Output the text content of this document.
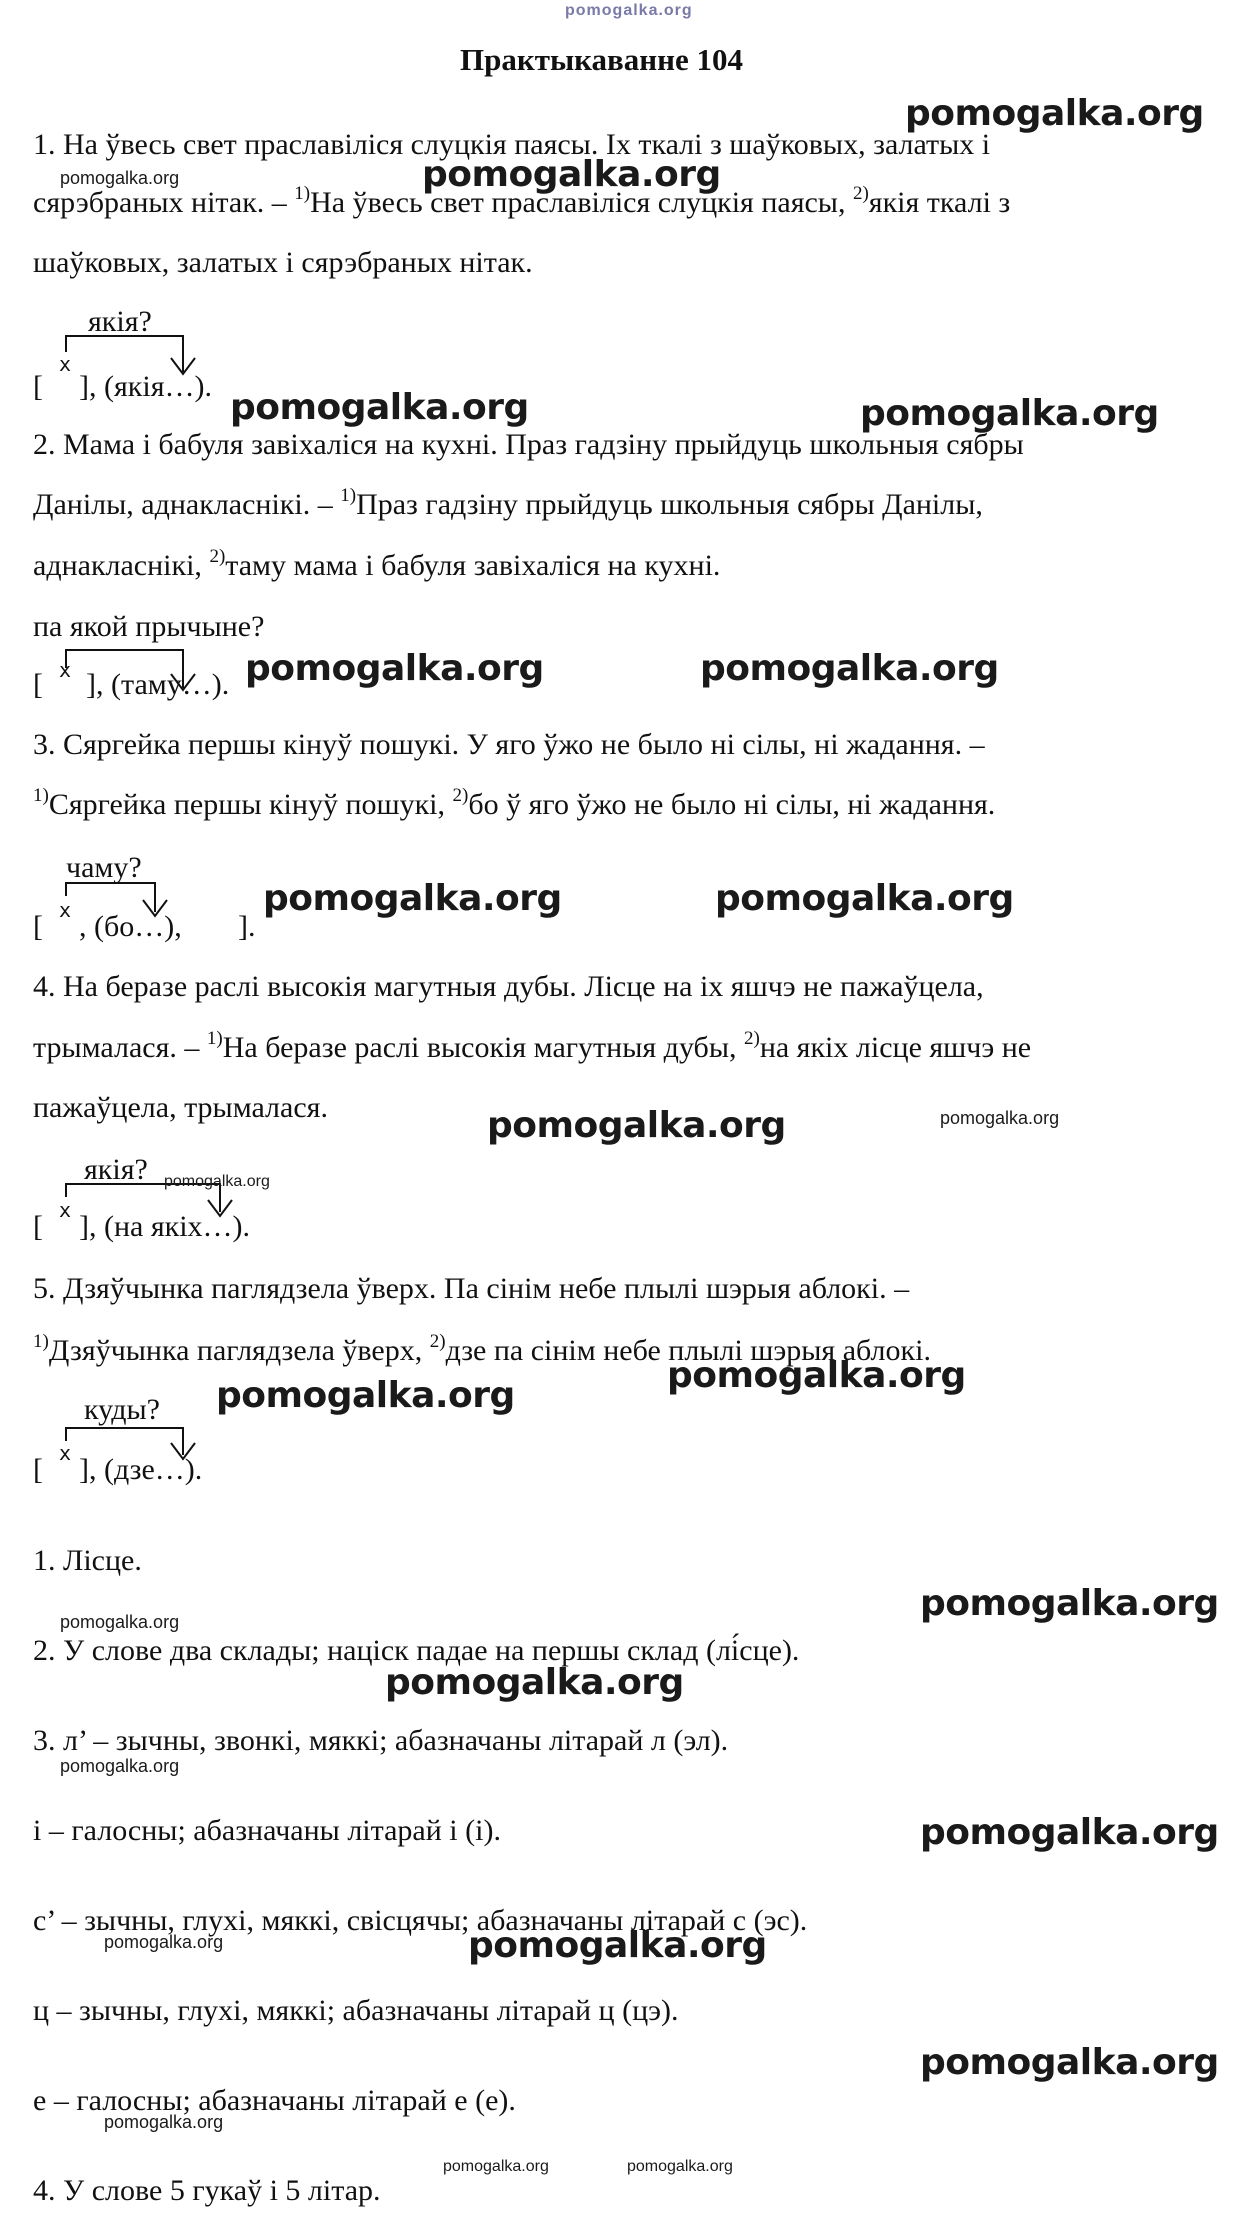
pomogalka.org
Практыкаванне 104
1. На ўвесь свет праславіліся слуцкія паясы. Іх ткалі з шаўковых, залатых і
сярэбраных нітак. – $^{1)}$На ўвесь свет праславіліся слуцкія паясы, $^{2)}$якія ткалі з
шаўковых, залатых і сярэбраных нітак.
якія?
[
x
], (якія…).
2. Мама і бабуля завіхаліся на кухні. Праз гадзіну прыйдуць школьныя сябры
Данілы, аднакласнікі. – $^{1)}$Праз гадзіну прыйдуць школьныя сябры Данілы,
аднакласнікі, $^{2)}$таму мама і бабуля завіхаліся на кухні.
па якой прычыне?
[ x ], (таму…).
3. Сяргейка першы кінуў пошукі. У яго ўжо не было ні сілы, ні жадання. –
$^{1)}$Сяргейка першы кінуў пошукі, $^{2)}$бо ў яго ўжо не было ні сілы, ні жадання.
чаму?
[ x , (бо…), ].
4. На беразе раслі высокія магутныя дубы. Лісце на іх яшчэ не пажаўцела,
трымалася. – $^{1)}$На беразе раслі высокія магутныя дубы, $^{2)}$на якіх лісце яшчэ не
пажаўцела, трымалася.
якія?
[ x ], (на якіх…).
5. Дзяўчынка паглядзела ўверх. Па сінім небе плылі шэрыя аблокі. –
$^{1)}$Дзяўчынка паглядзела ўверх, $^{2)}$дзе па сінім небе плылі шэрыя аблокі.
куды?
[ x ], (дзе…).
1. Лісце.
2. У слове два склады; націск падае на першы склад (лі́сце).
3. л’ – зычны, звонкі, мяккі; абазначаны літарай л (эл).
і – галосны; абазначаны літарай і (і).
с’ – зычны, глухі, мяккі, свісцячы; абазначаны літарай с (эс).
ц – зычны, глухі, мяккі; абазначаны літарай ц (цэ).
е – галосны; абазначаны літарай е (е).
4. У слове 5 гукаў і 5 літар.
pomogalka.org
pomogalka.org	pomogalka.org
pomogalka.org	pomogalka.org
pomogalka.org	pomogalka.org
pomogalka.org	pomogalka.org
pomogalka.org	pomogalka.org
pomogalka.org
pomogalka.org
pomogalka.org
pomogalka.org	pomogalka.org
pomogalka.org
pomogalka.org
pomogalka.org
pomogalka.org	pomogalka.org
pomogalka.org
pomogalka.org
pomogalka.org	pomogalka.org
